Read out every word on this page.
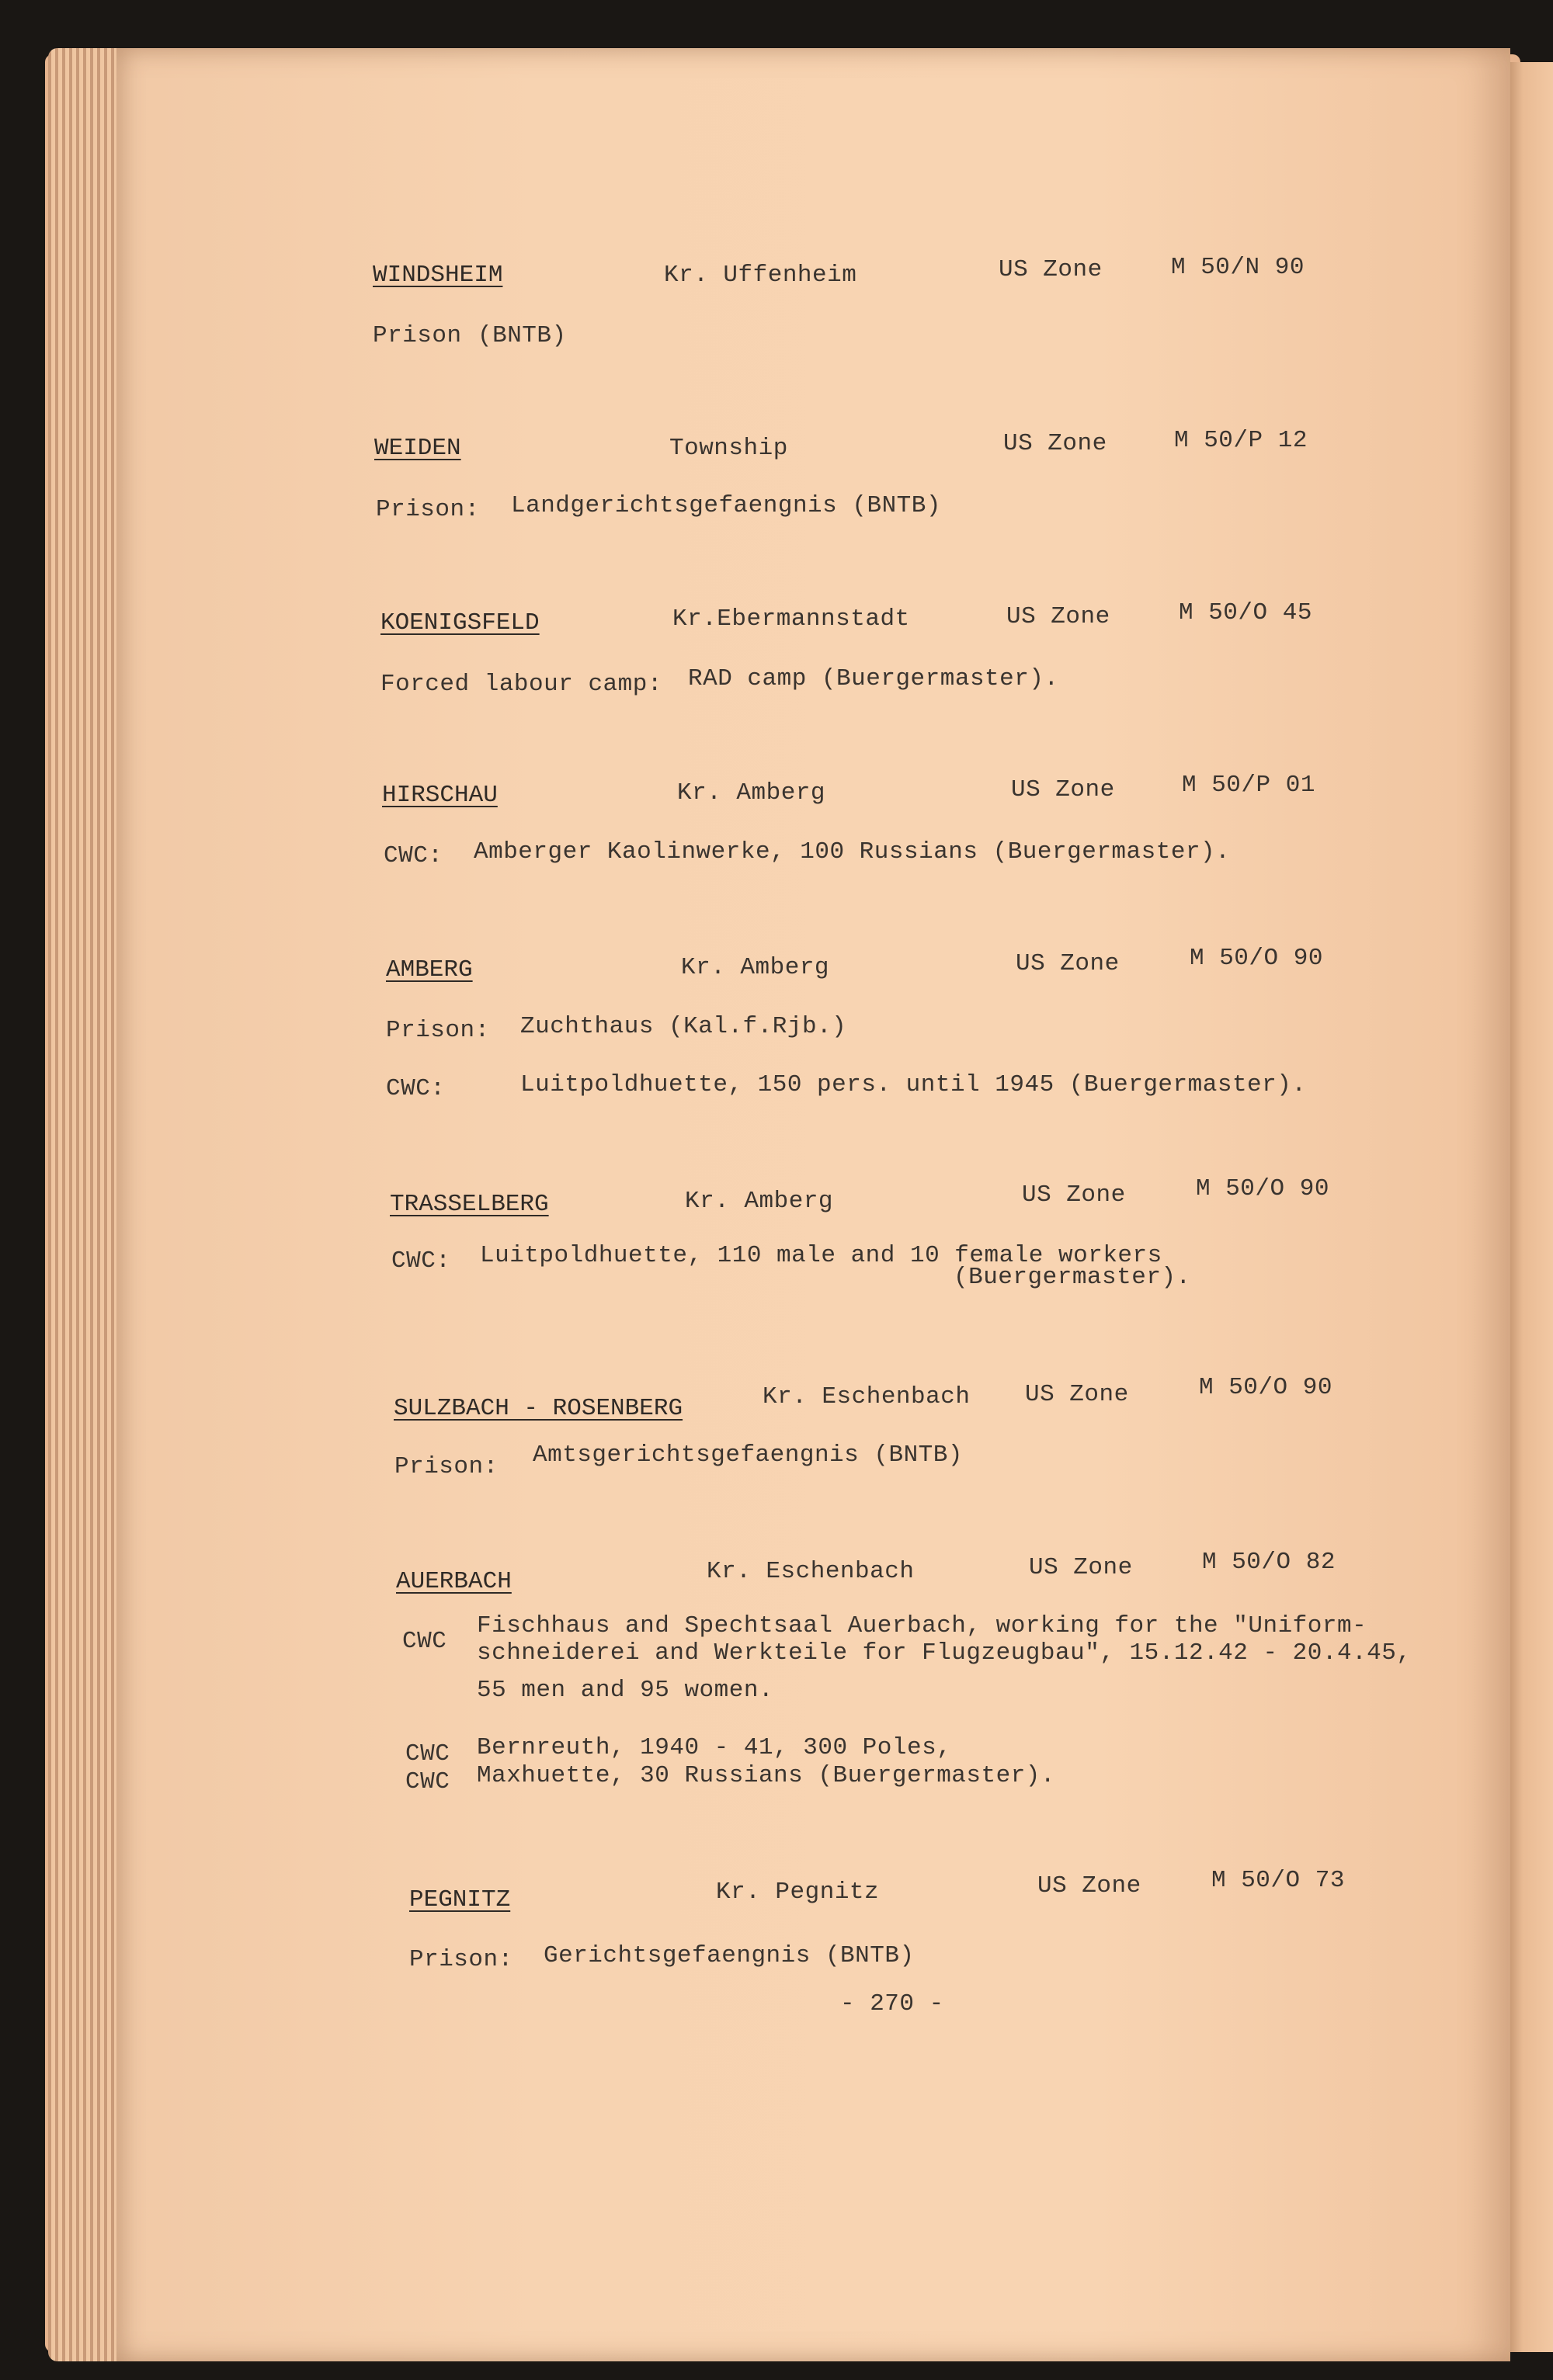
WINDSHEIM	Kr. Uffenheim	US Zone	M 50/N 90
Prison (BNTB)
WEIDEN	Township	US Zone	M 50/P 12
Prison: Landgerichtsgefaengnis (BNTB)
KOENIGSFELD	Kr.Ebermannstadt	US Zone	M 50/O 45
Forced labour camp: RAD camp (Buergermaster).
HIRSCHAU	Kr. Amberg	US Zone	M 50/P 01
CWC: Amberger Kaolinwerke, 100 Russians (Buergermaster).
AMBERG	Kr. Amberg	US Zone	M 50/O 90
Prison: Zuchthaus (Kal.f.Rjb.)
CWC:	Luitpoldhuette, 150 pers. until 1945 (Buergermaster).
TRASSELBERG	Kr. Amberg	US Zone	M 50/O 90
CWC: Luitpoldhuette, 110 male and 10 female workers
(Buergermaster).
SULZBACH - ROSENBERG	Kr. Eschenbach US Zone	M 50/O 90
Prison: Amtsgerichtsgefaengnis (BNTB)
AUERBACH	Kr. Eschenbach	US Zone	M 50/O 82
CWC
Fischhaus and Spechtsaal Auerbach, working for the "Uniform-
schneiderei and Werkteile for Flugzeugbau", 15.12.42 - 20.4.45,
55 men and 95 women.
CWC Bernreuth, 1940 - 41, 300 Poles,
CWC Maxhuette, 30 Russians (Buergermaster).
PEGNITZ	Kr. Pegnitz	US Zone	M 50/O 73
Prison: Gerichtsgefaengnis (BNTB)
- 270 -
